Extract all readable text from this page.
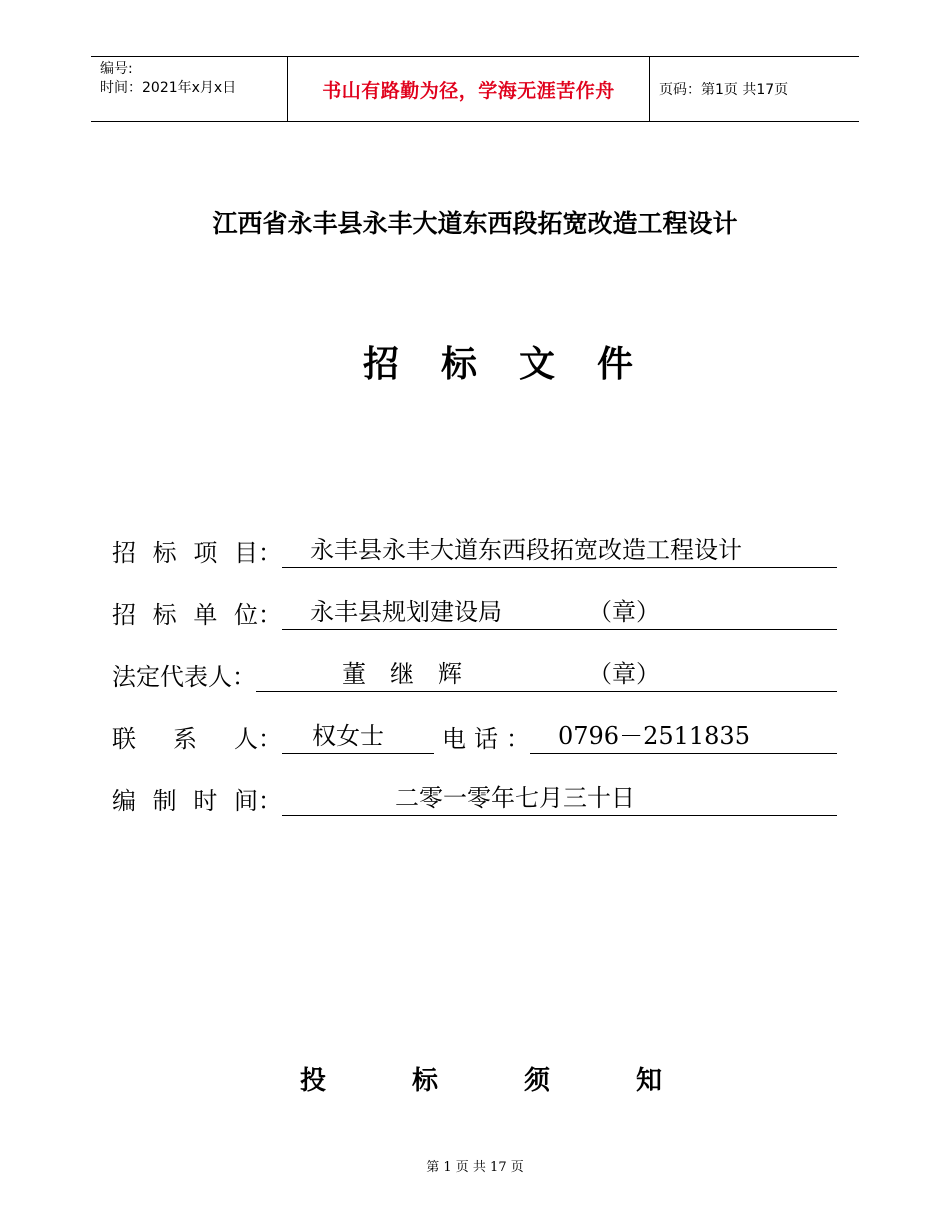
编号:
时间：2021年x月x日	书山有路勤为径，学海无涯苦作舟	页码：第1页 共17页
江西省永丰县永丰大道东西段拓宽改造工程设计
招 标 文 件
招 标 项 目 ： 永丰县永丰大道东西段拓宽改造工程设计
招 标 单 位 ： 永丰县规划建设局	（章）
法定代表人：	董　继　辉	（章）
联 系 人 ： 权女士 电 话 ： 0796－2511835
编 制 时 间 ：	二零一零年七月三十日
投	标	须	知
第 1 页 共 17 页
